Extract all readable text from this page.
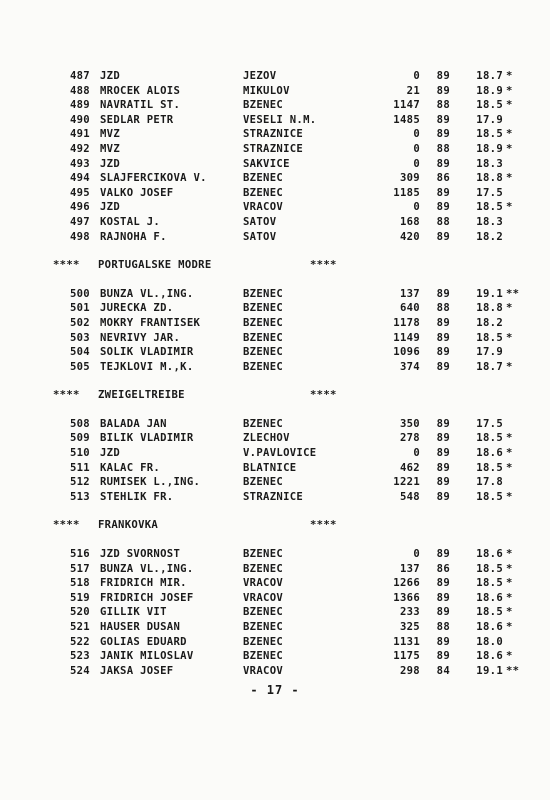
487 JZD	JEZOV	0	89	18.7 *
488 MROCEK ALOIS	MIKULOV	21	89	18.9 *
489 NAVRATIL ST.	BZENEC	1147	88	18.5 *
490 SEDLAR PETR	VESELI N.M.	1485	89	17.9
491 MVZ	STRAZNICE	0	89	18.5 *
492 MVZ	STRAZNICE	0	88	18.9 *
493 JZD	SAKVICE	0	89	18.3
494 SLAJFERCIKOVA V.	BZENEC	309	86	18.8 *
495 VALKO JOSEF	BZENEC	1185	89	17.5
496 JZD	VRACOV	0	89	18.5 *
497 KOSTAL J.	SATOV	168	88	18.3
498 RAJNOHA F.	SATOV	420	89	18.2
**** PORTUGALSKE MODRE	****
500 BUNZA VL.,ING.	BZENEC	137	89	19.1 **
501 JURECKA ZD.	BZENEC	640	88	18.8 *
502 MOKRY FRANTISEK	BZENEC	1178	89	18.2
503 NEVRIVY JAR.	BZENEC	1149	89	18.5 *
504 SOLIK VLADIMIR	BZENEC	1096	89	17.9
505 TEJKLOVI M.,K.	BZENEC	374	89	18.7 *
**** ZWEIGELTREIBE	****
508 BALADA JAN	BZENEC	350	89	17.5
509 BILIK VLADIMIR	ZLECHOV	278	89	18.5 *
510 JZD	V.PAVLOVICE	0	89	18.6 *
511 KALAC FR.	BLATNICE	462	89	18.5 *
512 RUMISEK L.,ING.	BZENEC	1221	89	17.8
513 STEHLIK FR.	STRAZNICE	548	89	18.5 *
**** FRANKOVKA	****
516 JZD SVORNOST	BZENEC	0	89	18.6 *
517 BUNZA VL.,ING.	BZENEC	137	86	18.5 *
518 FRIDRICH MIR.	VRACOV	1266	89	18.5 *
519 FRIDRICH JOSEF	VRACOV	1366	89	18.6 *
520 GILLIK VIT	BZENEC	233	89	18.5 *
521 HAUSER DUSAN	BZENEC	325	88	18.6 *
522 GOLIAS EDUARD	BZENEC	1131	89	18.0
523 JANIK MILOSLAV	BZENEC	1175	89	18.6 *
524 JAKSA JOSEF	VRACOV	298	84	19.1 **
- 17 -
